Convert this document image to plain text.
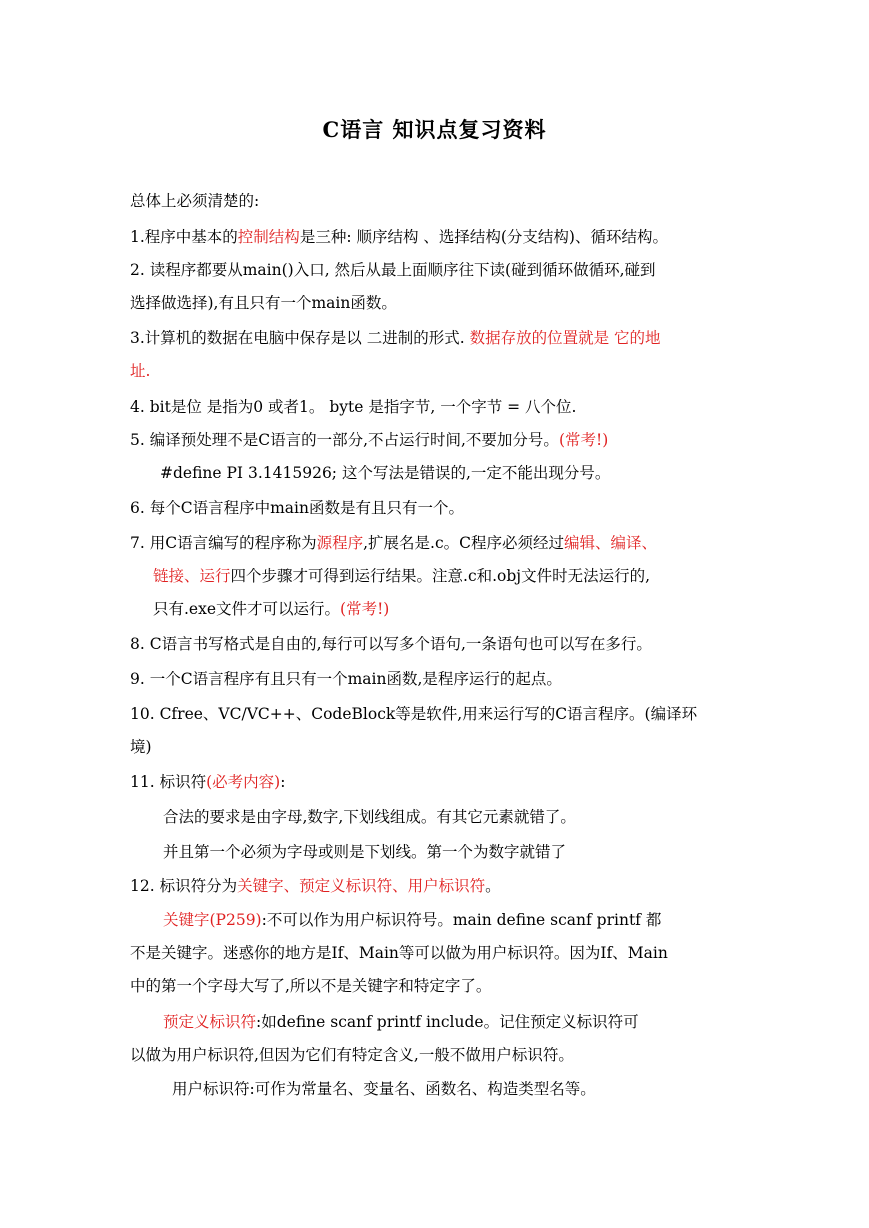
C语言 知识点复习资料
总体上必须清楚的:
1.程序中基本的控制结构是三种: 顺序结构 、选择结构(分支结构)、循环结构。
2. 读程序都要从main()入口, 然后从最上面顺序往下读(碰到循环做循环,碰到
选择做选择),有且只有一个main函数。
3.计算机的数据在电脑中保存是以 二进制的形式. 数据存放的位置就是 它的地
址.
4. bit是位 是指为0 或者1。 byte 是指字节, 一个字节 = 八个位.
5. 编译预处理不是C语言的一部分,不占运行时间,不要加分号。(常考!)
#define PI 3.1415926; 这个写法是错误的,一定不能出现分号。
6. 每个C语言程序中main函数是有且只有一个。
7. 用C语言编写的程序称为源程序,扩展名是.c。C程序必须经过编辑、编译、
链接、运行四个步骤才可得到运行结果。注意.c和.obj文件时无法运行的,
只有.exe文件才可以运行。(常考!)
8. C语言书写格式是自由的,每行可以写多个语句,一条语句也可以写在多行。
9. 一个C语言程序有且只有一个main函数,是程序运行的起点。
10. Cfree、VC/VC++、CodeBlock等是软件,用来运行写的C语言程序。(编译环
境)
11. 标识符(必考内容):
合法的要求是由字母,数字,下划线组成。有其它元素就错了。
并且第一个必须为字母或则是下划线。第一个为数字就错了
12. 标识符分为关键字、预定义标识符、用户标识符。
关键字(P259):不可以作为用户标识符号。main define scanf printf 都
不是关键字。迷惑你的地方是If、Main等可以做为用户标识符。因为If、Main
中的第一个字母大写了,所以不是关键字和特定字了。
预定义标识符:如define scanf printf include。记住预定义标识符可
以做为用户标识符,但因为它们有特定含义,一般不做用户标识符。
用户标识符:可作为常量名、变量名、函数名、构造类型名等。
